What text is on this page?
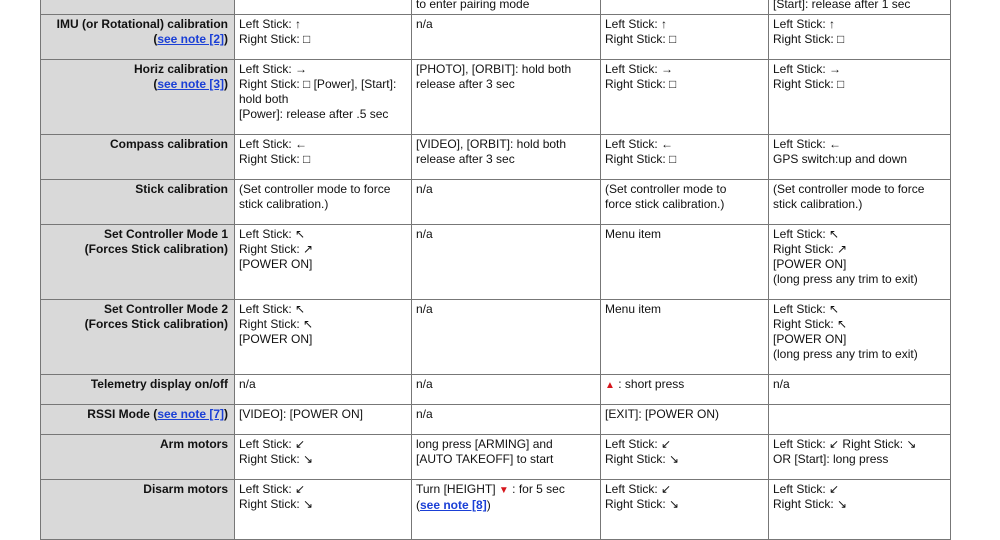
		to enter pairing mode		[Start]: release after 1 sec

IMU (or Rotational) calibration
(see note [2])	Left Stick: ↑
Right Stick: □	n/a	Left Stick: ↑
Right Stick: □	Left Stick: ↑
Right Stick: □

Horiz calibration
(see note [3])	Left Stick: →
Right Stick: □ [Power], [Start]:
hold both
[Power]: release after .5 sec	[PHOTO], [ORBIT]: hold both
release after 3 sec	Left Stick: →
Right Stick: □	Left Stick: →
Right Stick: □

Compass calibration	Left Stick: ←
Right Stick: □	[VIDEO], [ORBIT]: hold both
release after 3 sec	Left Stick: ←
Right Stick: □	Left Stick: ←
GPS switch:up and down

Stick calibration	(Set controller mode to force
stick calibration.)	n/a	(Set controller mode to
force stick calibration.)	(Set controller mode to force
stick calibration.)

Set Controller Mode 1
(Forces Stick calibration)	Left Stick: ↖
Right Stick: ↗
[POWER ON]	n/a	Menu item	Left Stick: ↖
Right Stick: ↗
[POWER ON]
(long press any trim to exit)

Set Controller Mode 2
(Forces Stick calibration)	Left Stick: ↖
Right Stick: ↖
[POWER ON]	n/a	Menu item	Left Stick: ↖
Right Stick: ↖
[POWER ON]
(long press any trim to exit)

Telemetry display on/off	n/a	n/a	▲ : short press	n/a

RSSI Mode (see note [7])	[VIDEO]: [POWER ON]	n/a	[EXIT]: [POWER ON)	

Arm motors	Left Stick: ↙
Right Stick: ↘	long press [ARMING] and
[AUTO TAKEOFF] to start	Left Stick: ↙
Right Stick: ↘	Left Stick: ↙ Right Stick: ↘
OR [Start]: long press

Disarm motors	Left Stick: ↙
Right Stick: ↘	Turn [HEIGHT] ▼ : for 5 sec
(see note [8])	Left Stick: ↙
Right Stick: ↘	Left Stick: ↙
Right Stick: ↘
